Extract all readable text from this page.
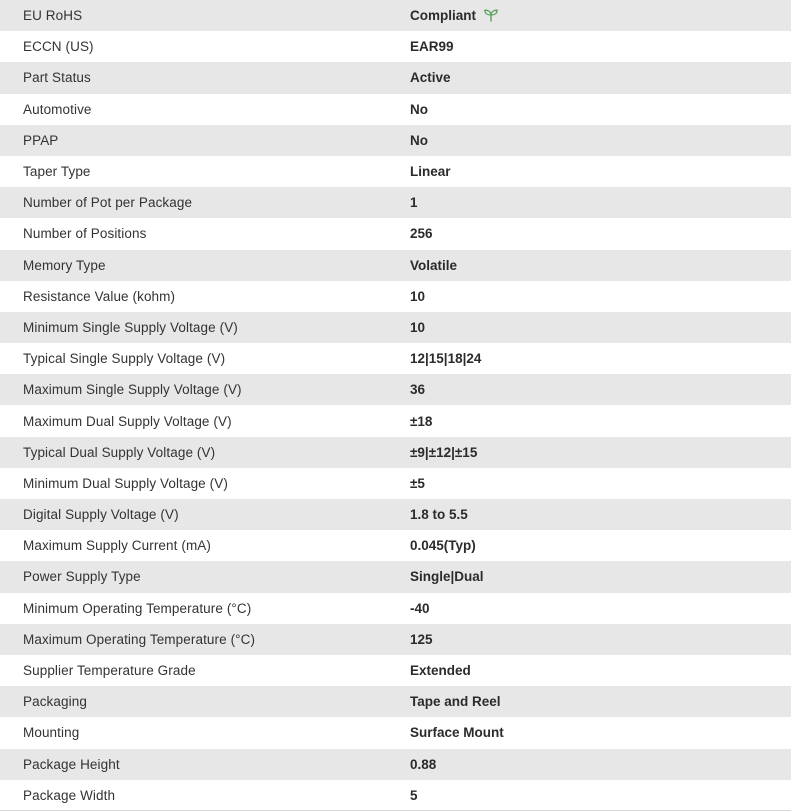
EU RoHS	Compliant
ECCN (US)	EAR99
Part Status	Active
Automotive	No
PPAP	No
Taper Type	Linear
Number of Pot per Package	1
Number of Positions	256
Memory Type	Volatile
Resistance Value (kohm)	10
Minimum Single Supply Voltage (V)	10
Typical Single Supply Voltage (V)	12|15|18|24
Maximum Single Supply Voltage (V)	36
Maximum Dual Supply Voltage (V)	±18
Typical Dual Supply Voltage (V)	±9|±12|±15
Minimum Dual Supply Voltage (V)	±5
Digital Supply Voltage (V)	1.8 to 5.5
Maximum Supply Current (mA)	0.045(Typ)
Power Supply Type	Single|Dual
Minimum Operating Temperature (°C)	-40
Maximum Operating Temperature (°C)	125
Supplier Temperature Grade	Extended
Packaging	Tape and Reel
Mounting	Surface Mount
Package Height	0.88
Package Width	5
